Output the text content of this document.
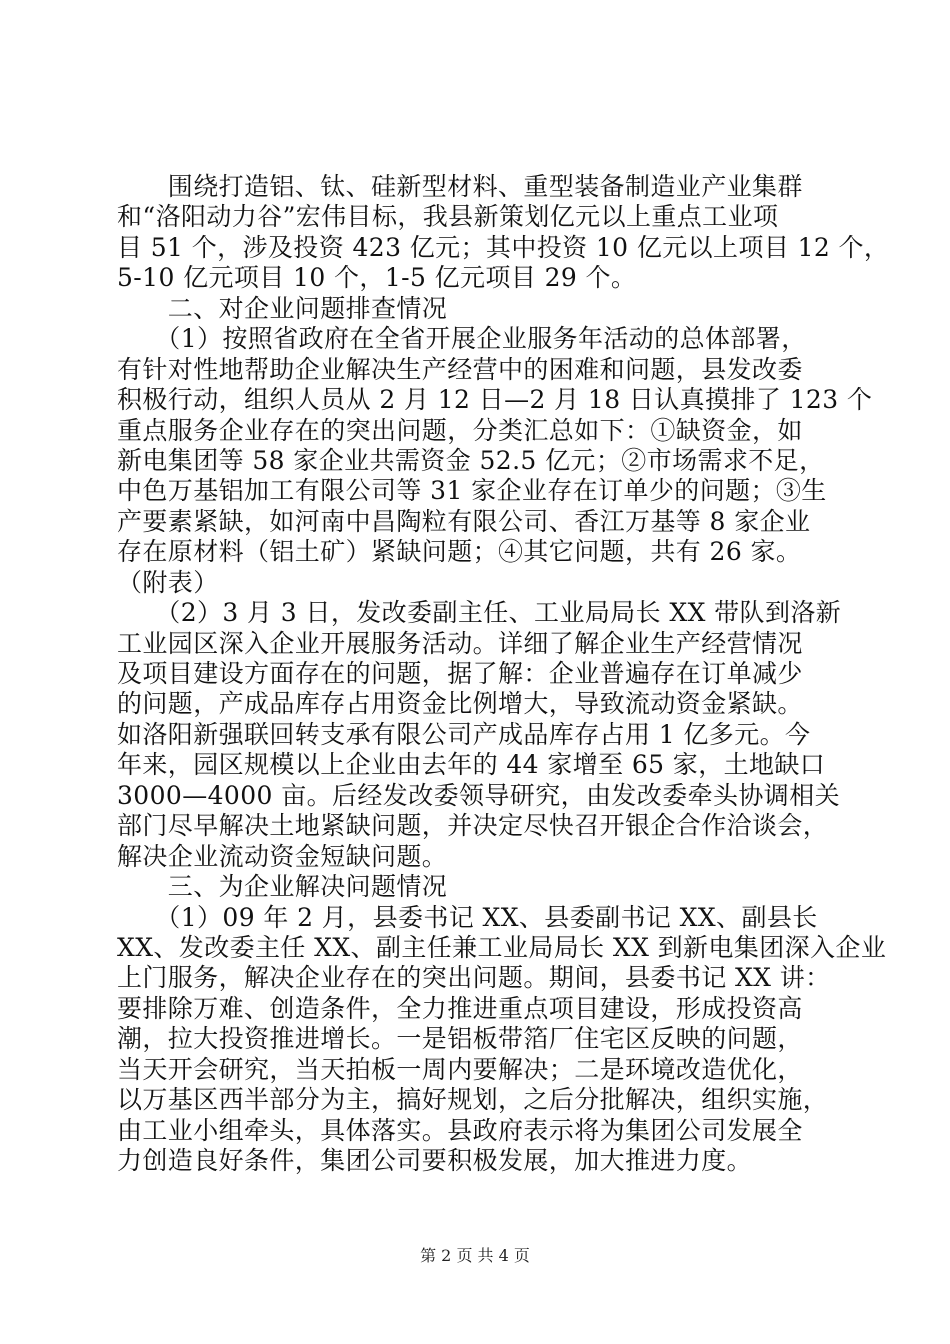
　　围绕打造铝、钛、硅新型材料、重型装备制造业产业集群
和“洛阳动力谷”宏伟目标，我县新策划亿元以上重点工业项
目 51 个，涉及投资 423 亿元；其中投资 10 亿元以上项目 12 个，
5-10 亿元项目 10 个，1-5 亿元项目 29 个。
　　二、对企业问题排查情况
　　（1）按照省政府在全省开展企业服务年活动的总体部署，
有针对性地帮助企业解决生产经营中的困难和问题，县发改委
积极行动，组织人员从 2 月 12 日—2 月 18 日认真摸排了 123 个
重点服务企业存在的突出问题，分类汇总如下：①缺资金，如
新电集团等 58 家企业共需资金 52.5 亿元；②市场需求不足，
中色万基铝加工有限公司等 31 家企业存在订单少的问题；③生
产要素紧缺，如河南中昌陶粒有限公司、香江万基等 8 家企业
存在原材料（铝土矿）紧缺问题；④其它问题，共有 26 家。
（附表）
　　（2）3 月 3 日，发改委副主任、工业局局长 XX 带队到洛新
工业园区深入企业开展服务活动。详细了解企业生产经营情况
及项目建设方面存在的问题，据了解：企业普遍存在订单减少
的问题，产成品库存占用资金比例增大，导致流动资金紧缺。
如洛阳新强联回转支承有限公司产成品库存占用 1 亿多元。今
年来，园区规模以上企业由去年的 44 家增至 65 家，土地缺口
3000—4000 亩。后经发改委领导研究，由发改委牵头协调相关
部门尽早解决土地紧缺问题，并决定尽快召开银企合作洽谈会，
解决企业流动资金短缺问题。
　　三、为企业解决问题情况
　　（1）09 年 2 月，县委书记 XX、县委副书记 XX、副县长
XX、发改委主任 XX、副主任兼工业局局长 XX 到新电集团深入企业
上门服务，解决企业存在的突出问题。期间，县委书记 XX 讲：
要排除万难、创造条件，全力推进重点项目建设，形成投资高
潮，拉大投资推进增长。一是铝板带箔厂住宅区反映的问题，
当天开会研究，当天拍板一周内要解决；二是环境改造优化，
以万基区西半部分为主，搞好规划，之后分批解决，组织实施，
由工业小组牵头，具体落实。县政府表示将为集团公司发展全
力创造良好条件，集团公司要积极发展，加大推进力度。
第 2 页 共 4 页
